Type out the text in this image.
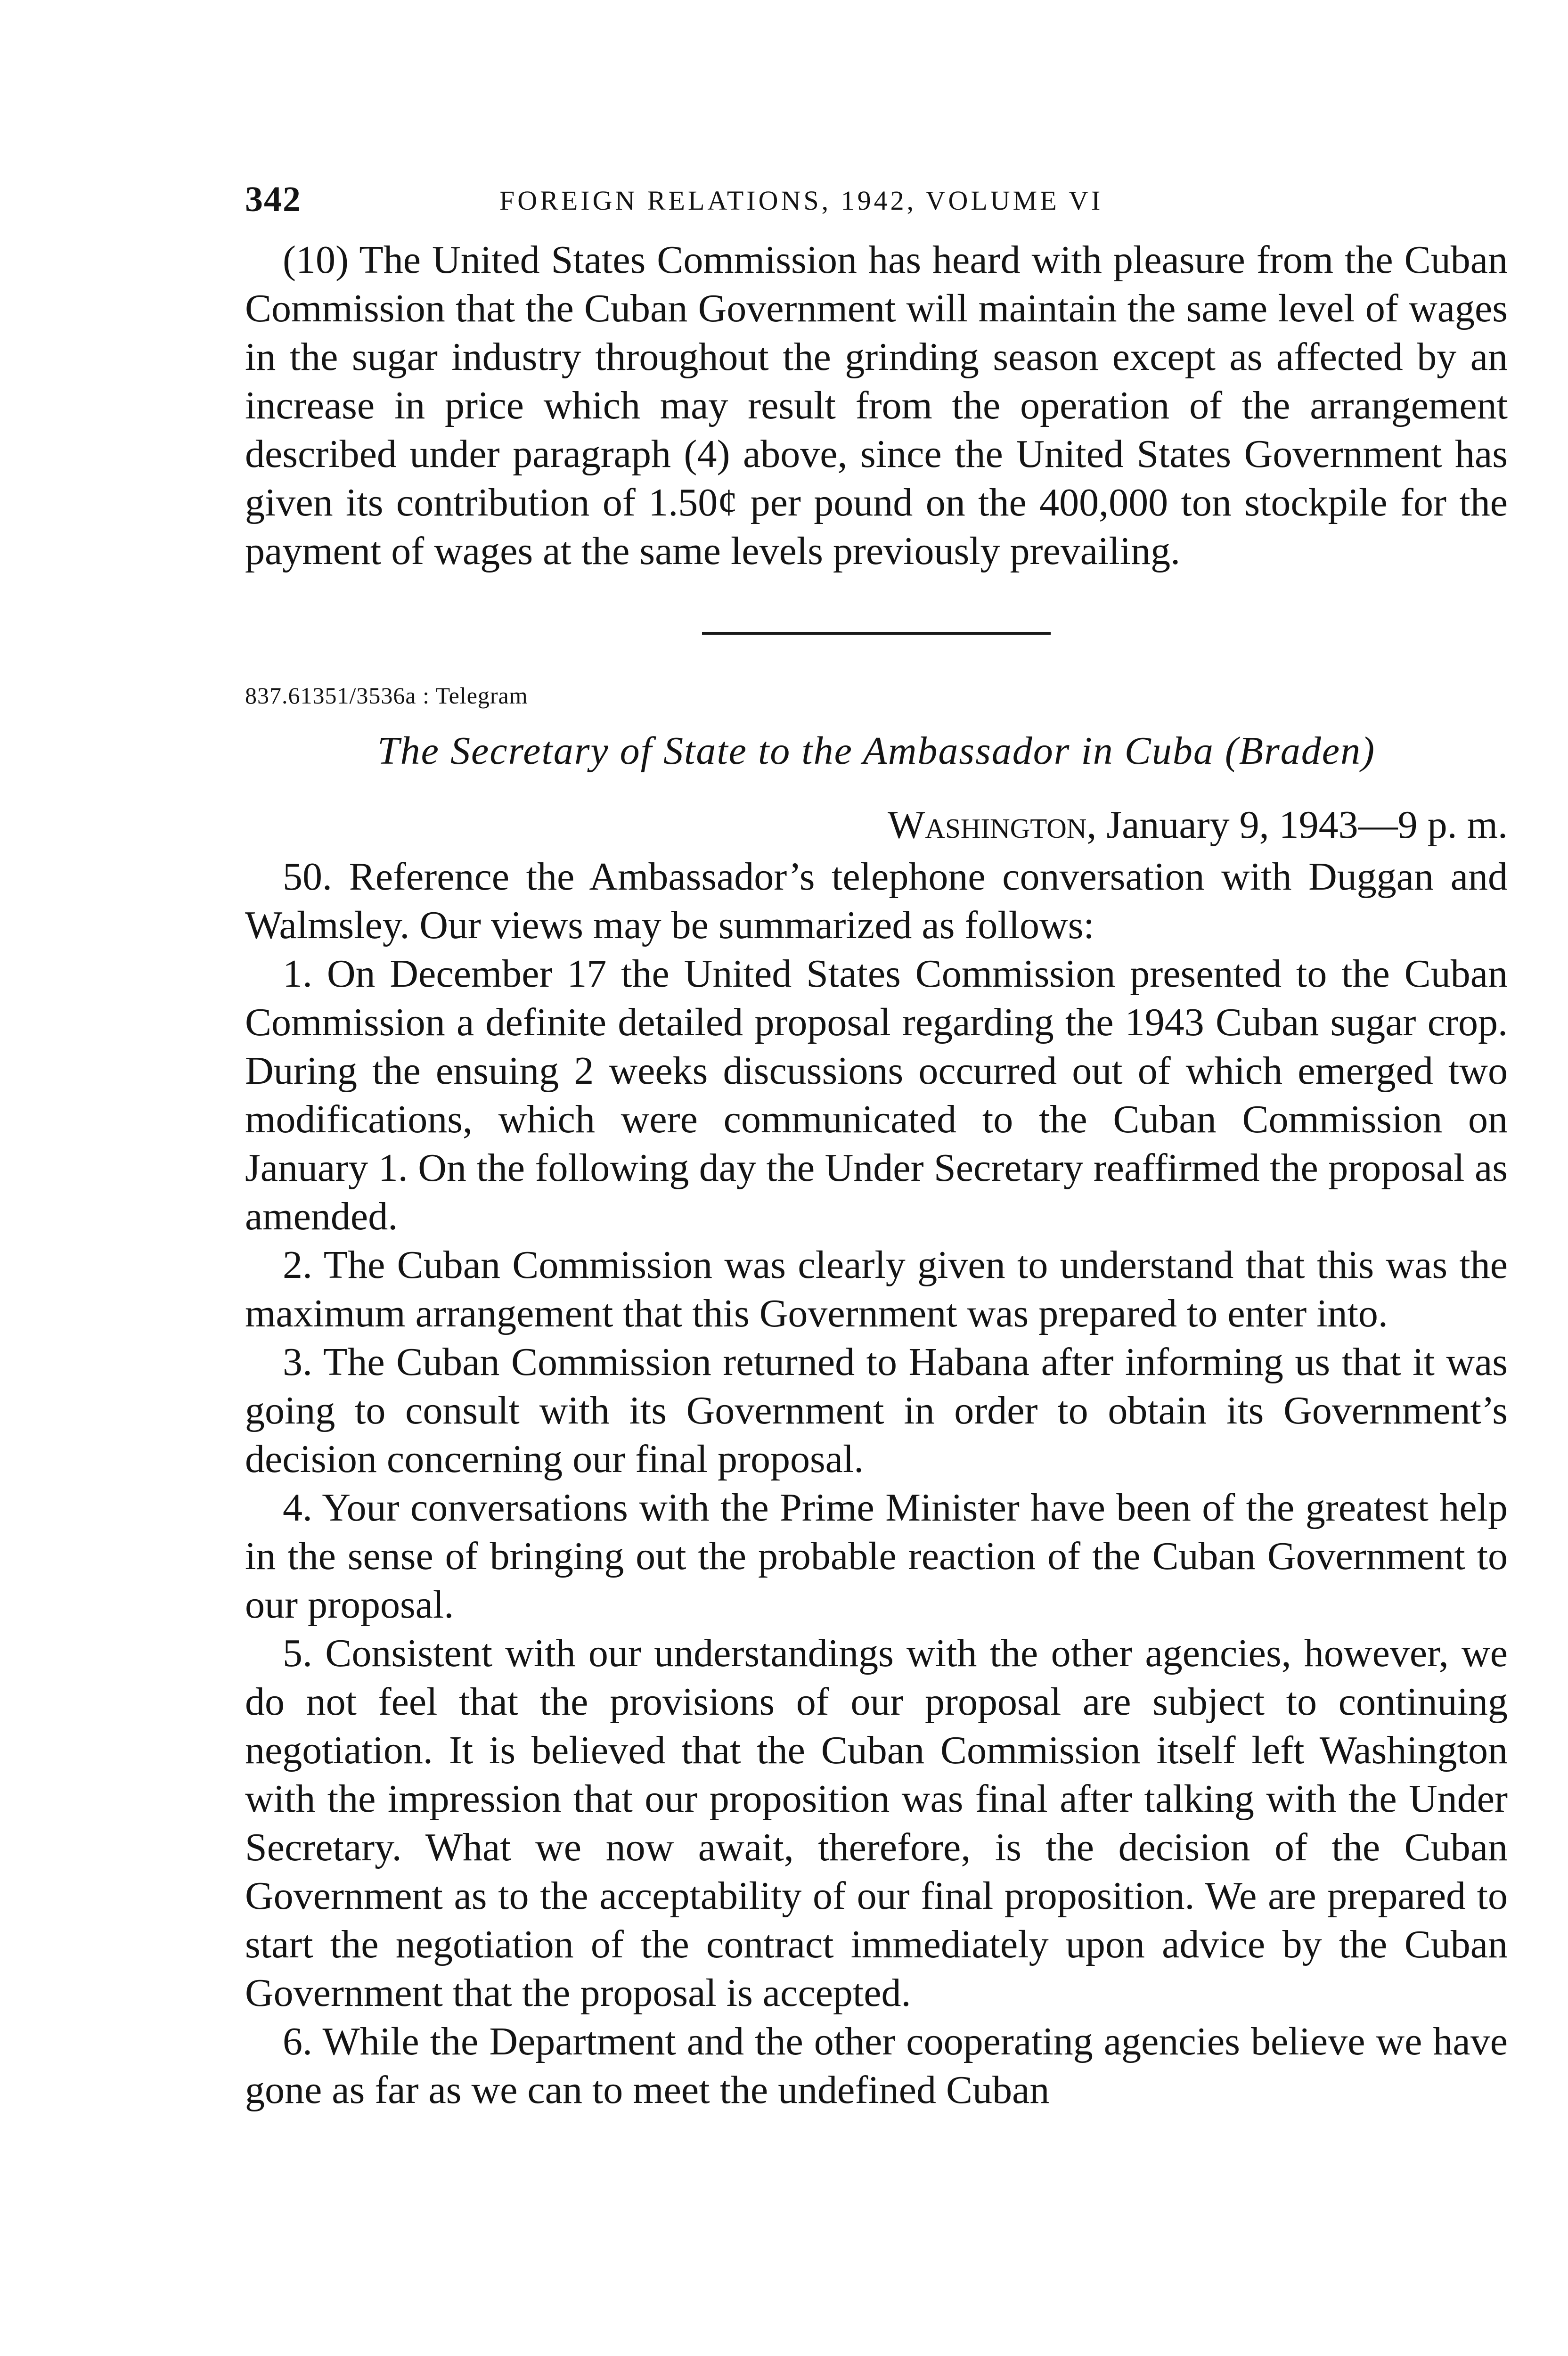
342	FOREIGN RELATIONS, 1942, VOLUME VI

(10) The United States Commission has heard with pleasure from the Cuban Commission that the Cuban Government will maintain the same level of wages in the sugar industry throughout the grinding season except as affected by an increase in price which may result from the operation of the arrangement described under paragraph (4) above, since the United States Government has given its contribution of 1.50¢ per pound on the 400,000 ton stockpile for the payment of wages at the same levels previously prevailing.

837.61351/3536a : Telegram

The Secretary of State to the Ambassador in Cuba (Braden)

Washington, January 9, 1943—9 p. m.

50. Reference the Ambassador’s telephone conversation with Duggan and Walmsley. Our views may be summarized as follows:

1. On December 17 the United States Commission presented to the Cuban Commission a definite detailed proposal regarding the 1943 Cuban sugar crop. During the ensuing 2 weeks discussions occurred out of which emerged two modifications, which were communicated to the Cuban Commission on January 1. On the following day the Under Secretary reaffirmed the proposal as amended.

2. The Cuban Commission was clearly given to understand that this was the maximum arrangement that this Government was prepared to enter into.

3. The Cuban Commission returned to Habana after informing us that it was going to consult with its Government in order to obtain its Government’s decision concerning our final proposal.

4. Your conversations with the Prime Minister have been of the greatest help in the sense of bringing out the probable reaction of the Cuban Government to our proposal.

5. Consistent with our understandings with the other agencies, however, we do not feel that the provisions of our proposal are subject to continuing negotiation. It is believed that the Cuban Commission itself left Washington with the impression that our proposition was final after talking with the Under Secretary. What we now await, therefore, is the decision of the Cuban Government as to the acceptability of our final proposition. We are prepared to start the negotiation of the contract immediately upon advice by the Cuban Government that the proposal is accepted.

6. While the Department and the other cooperating agencies believe we have gone as far as we can to meet the undefined Cuban
